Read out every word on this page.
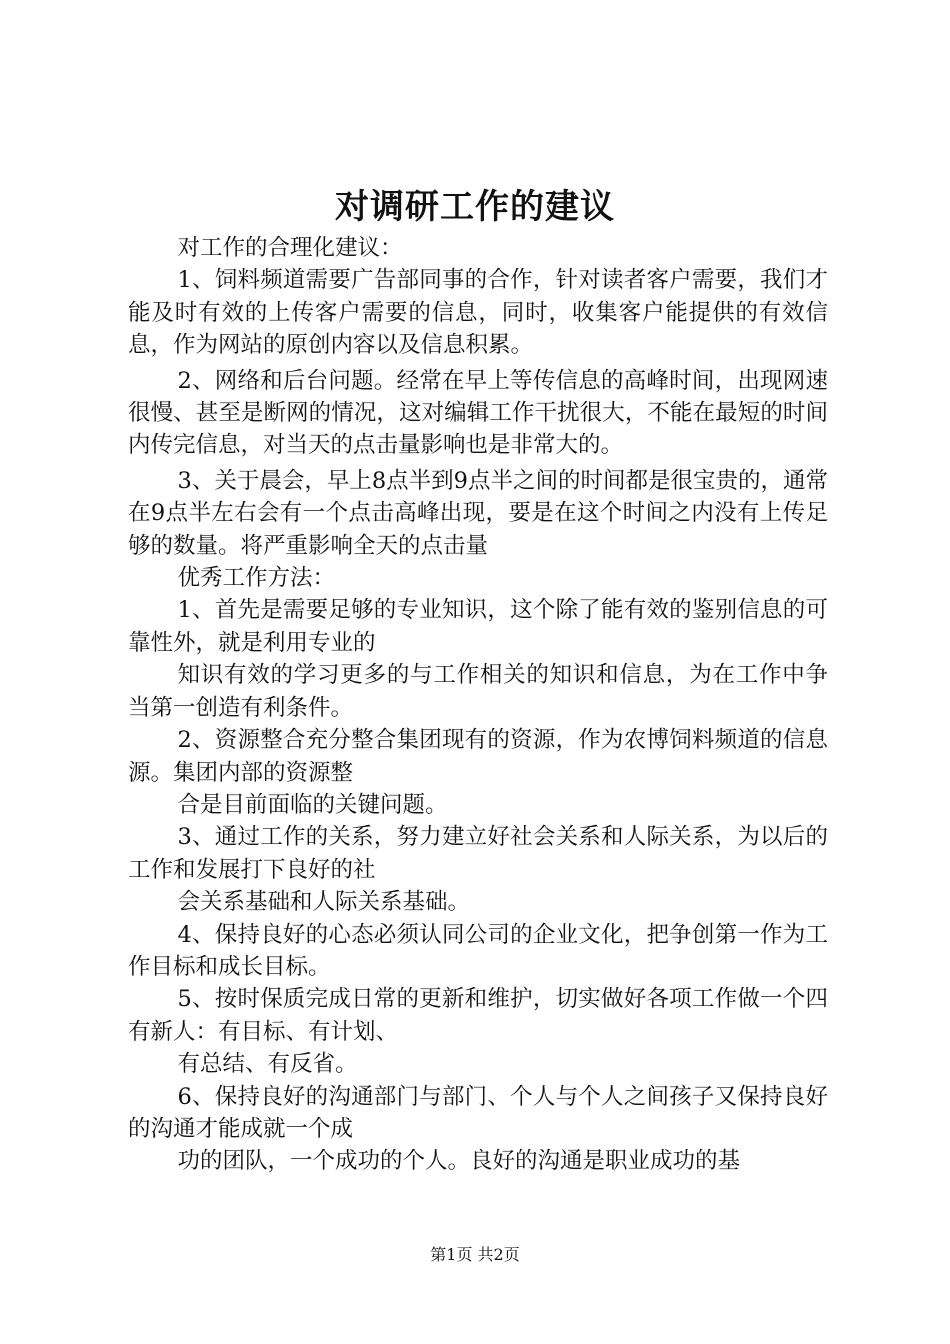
对调研工作的建议

对工作的合理化建议：

1、饲料频道需要广告部同事的合作，针对读者客户需要，我们才能及时有效的上传客户需要的信息，同时，收集客户能提供的有效信息，作为网站的原创内容以及信息积累。

2、网络和后台问题。经常在早上等传信息的高峰时间，出现网速很慢、甚至是断网的情况，这对编辑工作干扰很大，不能在最短的时间内传完信息，对当天的点击量影响也是非常大的。

3、关于晨会，早上8点半到9点半之间的时间都是很宝贵的，通常在9点半左右会有一个点击高峰出现，要是在这个时间之内没有上传足够的数量。将严重影响全天的点击量

优秀工作方法：

1、首先是需要足够的专业知识，这个除了能有效的鉴别信息的可靠性外，就是利用专业的

知识有效的学习更多的与工作相关的知识和信息，为在工作中争当第一创造有利条件。

2、资源整合充分整合集团现有的资源，作为农博饲料频道的信息源。集团内部的资源整

合是目前面临的关键问题。

3、通过工作的关系，努力建立好社会关系和人际关系，为以后的工作和发展打下良好的社

会关系基础和人际关系基础。

4、保持良好的心态必须认同公司的企业文化，把争创第一作为工作目标和成长目标。

5、按时保质完成日常的更新和维护，切实做好各项工作做一个四有新人：有目标、有计划、

有总结、有反省。

6、保持良好的沟通部门与部门、个人与个人之间孩子又保持良好的沟通才能成就一个成

功的团队，一个成功的个人。良好的沟通是职业成功的基

第1页 共2页
